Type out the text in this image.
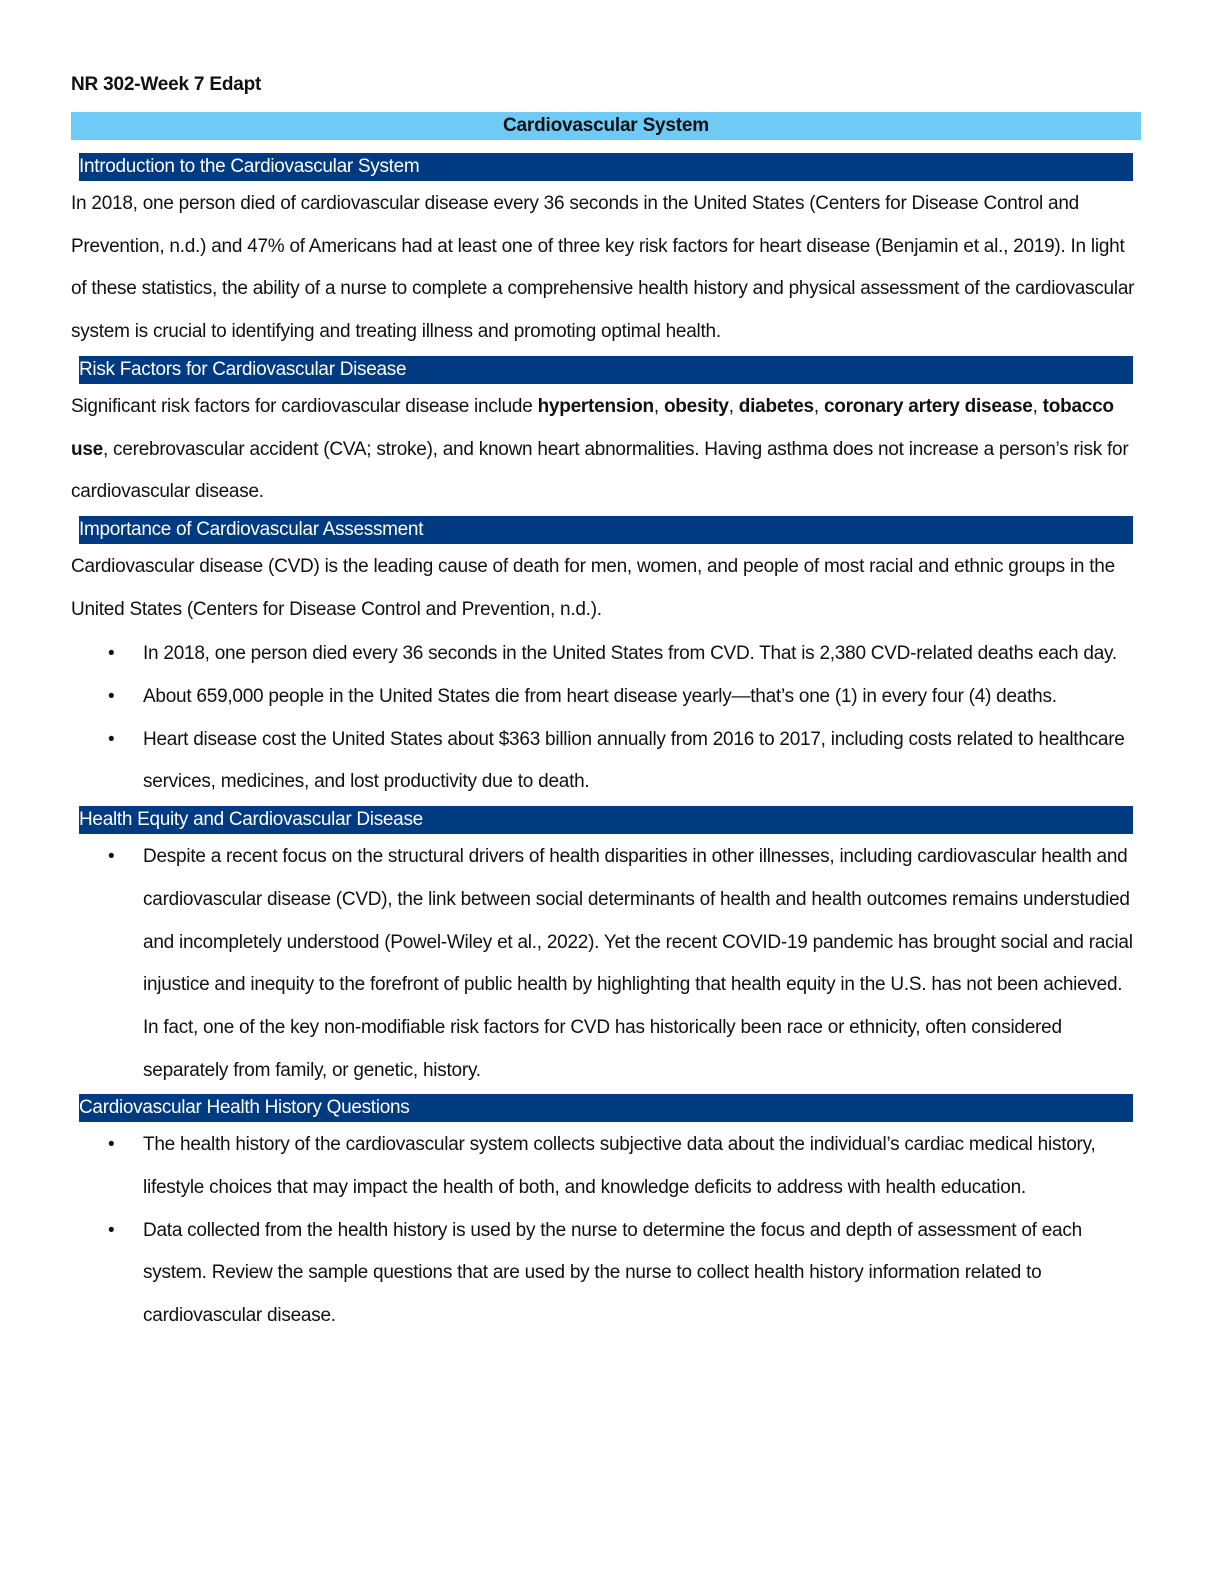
NR 302-Week 7 Edapt
Cardiovascular System
Introduction to the Cardiovascular System

In 2018, one person died of cardiovascular disease every 36 seconds in the United States (Centers for Disease Control and Prevention, n.d.) and 47% of Americans had at least one of three key risk factors for heart disease (Benjamin et al., 2019). In light of these statistics, the ability of a nurse to complete a comprehensive health history and physical assessment of the cardiovascular system is crucial to identifying and treating illness and promoting optimal health.

Risk Factors for Cardiovascular Disease

Significant risk factors for cardiovascular disease include hypertension, obesity, diabetes, coronary artery disease, tobacco use, cerebrovascular accident (CVA; stroke), and known heart abnormalities. Having asthma does not increase a person’s risk for cardiovascular disease.

Importance of Cardiovascular Assessment

Cardiovascular disease (CVD) is the leading cause of death for men, women, and people of most racial and ethnic groups in the United States (Centers for Disease Control and Prevention, n.d.).

• In 2018, one person died every 36 seconds in the United States from CVD. That is 2,380 CVD-related deaths each day.
• About 659,000 people in the United States die from heart disease yearly—that’s one (1) in every four (4) deaths.
• Heart disease cost the United States about $363 billion annually from 2016 to 2017, including costs related to healthcare services, medicines, and lost productivity due to death.
Health Equity and Cardiovascular Disease
• Despite a recent focus on the structural drivers of health disparities in other illnesses, including cardiovascular health and cardiovascular disease (CVD), the link between social determinants of health and health outcomes remains understudied and incompletely understood (Powel-Wiley et al., 2022). Yet the recent COVID-19 pandemic has brought social and racial injustice and inequity to the forefront of public health by highlighting that health equity in the U.S. has not been achieved. In fact, one of the key non-modifiable risk factors for CVD has historically been race or ethnicity, often considered separately from family, or genetic, history.
Cardiovascular Health History Questions
• The health history of the cardiovascular system collects subjective data about the individual’s cardiac medical history, lifestyle choices that may impact the health of both, and knowledge deficits to address with health education.
• Data collected from the health history is used by the nurse to determine the focus and depth of assessment of each system. Review the sample questions that are used by the nurse to collect health history information related to cardiovascular disease.
